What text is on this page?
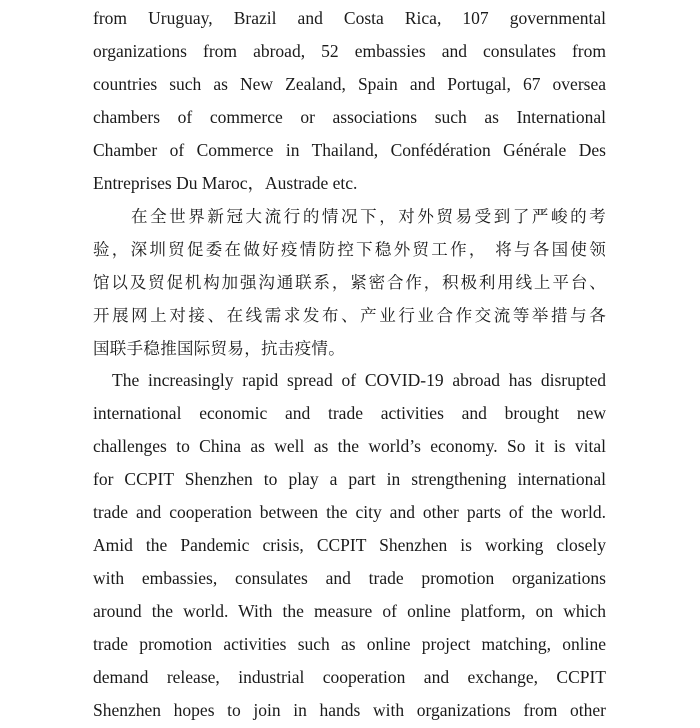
from Uruguay, Brazil and Costa Rica, 107 governmental
organizations from abroad, 52 embassies and consulates from
countries such as New Zealand, Spain and Portugal, 67 oversea
chambers of commerce or associations such as International
Chamber of Commerce in Thailand, Confédération Générale Des
Entreprises Du Maroc，Austrade etc.
在全世界新冠大流行的情况下，对外贸易受到了严峻的考
验，深圳贸促委在做好疫情防控下稳外贸工作， 将与各国使领
馆以及贸促机构加强沟通联系，紧密合作，积极利用线上平台、
开展网上对接、在线需求发布、产业行业合作交流等举措与各
国联手稳推国际贸易，抗击疫情。
The increasingly rapid spread of COVID-19 abroad has disrupted
international economic and trade activities and brought new
challenges to China as well as the world’s economy. So it is vital
for CCPIT Shenzhen to play a part in strengthening international
trade and cooperation between the city and other parts of the world.
Amid the Pandemic crisis, CCPIT Shenzhen is working closely
with embassies, consulates and trade promotion organizations
around the world. With the measure of online platform, on which
trade promotion activities such as online project matching, online
demand release, industrial cooperation and exchange, CCPIT
Shenzhen hopes to join in hands with organizations from other
